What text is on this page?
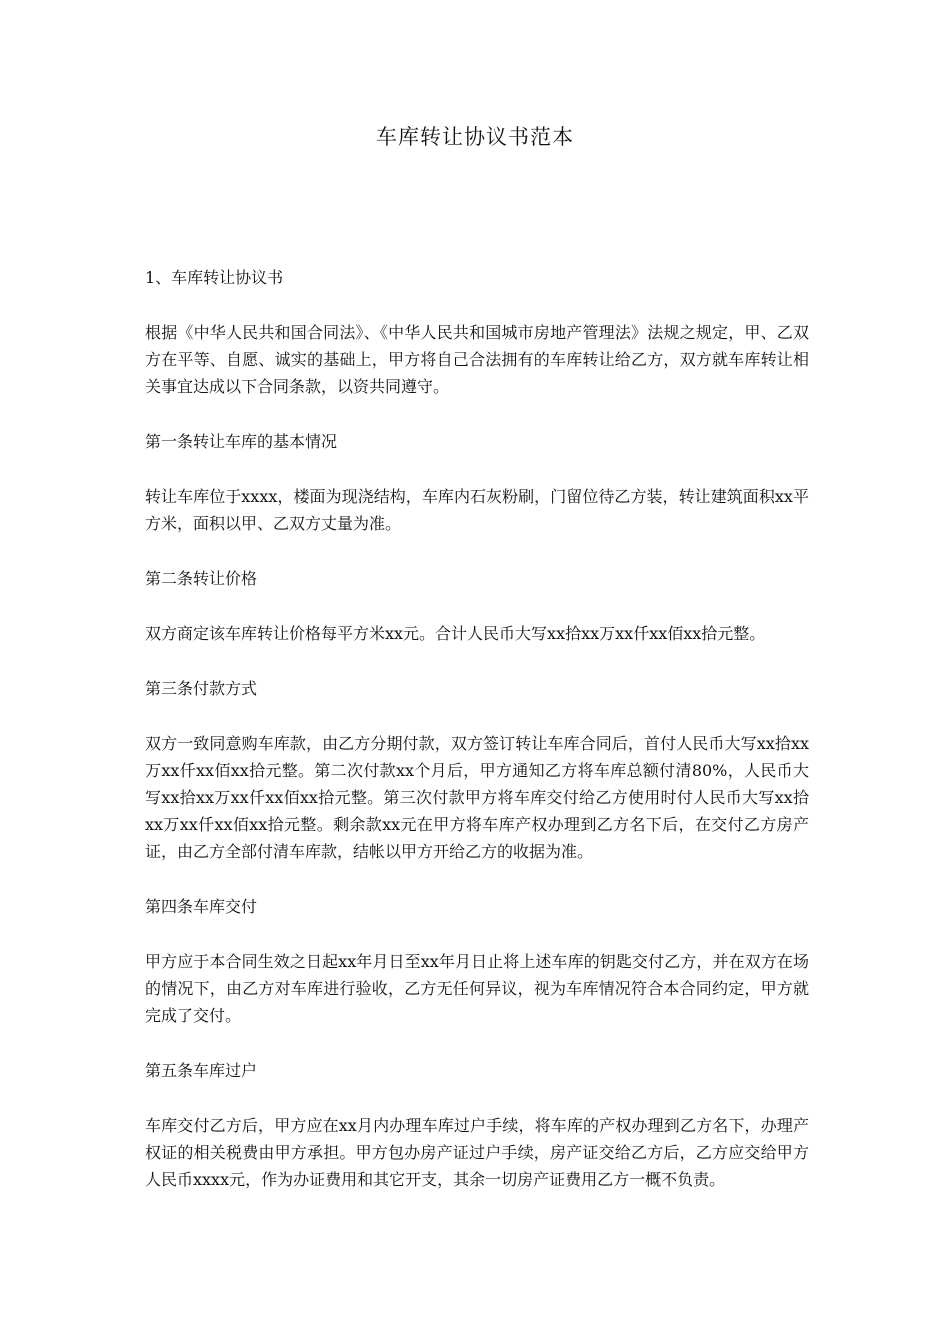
车库转让协议书范本

1、车库转让协议书

根据《中华人民共和国合同法》、《中华人民共和国城市房地产管理法》法规之规定，甲、乙双方在平等、自愿、诚实的基础上，甲方将自己合法拥有的车库转让给乙方，双方就车库转让相关事宜达成以下合同条款，以资共同遵守。

第一条转让车库的基本情况

转让车库位于xxxx，楼面为现浇结构，车库内石灰粉刷，门留位待乙方装，转让建筑面积xx平方米，面积以甲、乙双方丈量为准。

第二条转让价格

双方商定该车库转让价格每平方米xx元。合计人民币大写xx拾xx万xx仟xx佰xx拾元整。

第三条付款方式

双方一致同意购车库款，由乙方分期付款，双方签订转让车库合同后，首付人民币大写xx拾xx万xx仟xx佰xx拾元整。第二次付款xx个月后，甲方通知乙方将车库总额付清80%，人民币大写xx拾xx万xx仟xx佰xx拾元整。第三次付款甲方将车库交付给乙方使用时付人民币大写xx拾xx万xx仟xx佰xx拾元整。剩余款xx元在甲方将车库产权办理到乙方名下后，在交付乙方房产证，由乙方全部付清车库款，结帐以甲方开给乙方的收据为准。

第四条车库交付

甲方应于本合同生效之日起xx年月日至xx年月日止将上述车库的钥匙交付乙方，并在双方在场的情况下，由乙方对车库进行验收，乙方无任何异议，视为车库情况符合本合同约定，甲方就完成了交付。

第五条车库过户

车库交付乙方后，甲方应在xx月内办理车库过户手续，将车库的产权办理到乙方名下，办理产权证的相关税费由甲方承担。甲方包办房产证过户手续，房产证交给乙方后，乙方应交给甲方人民币xxxx元，作为办证费用和其它开支，其余一切房产证费用乙方一概不负责。
